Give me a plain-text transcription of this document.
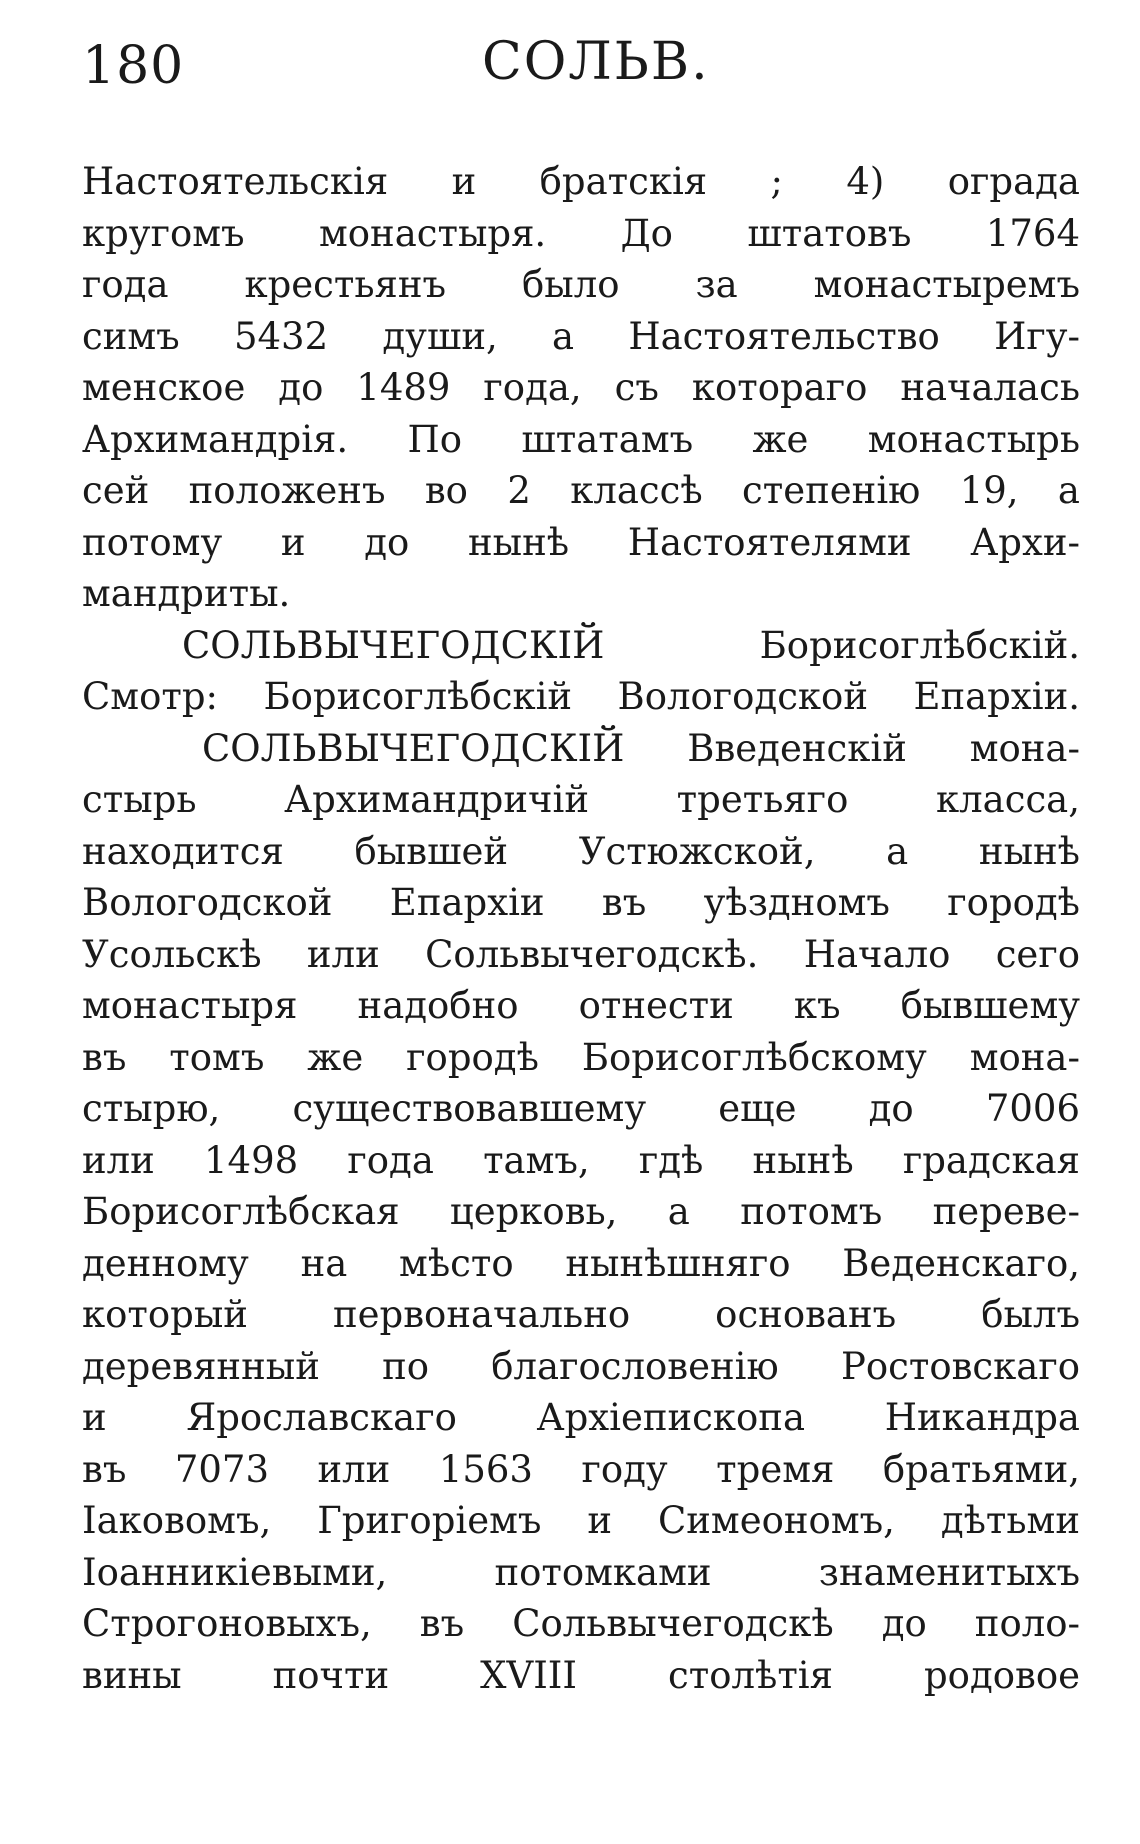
180	СОЛЬВ.
Настоятельскія и братскія ; 4) ограда
кругомъ монастыря. До штатовъ 1764
года крестьянъ было за монастыремъ
симъ 5432 души, а Настоятельство Игу-
менское до 1489 года, съ котораго началась
Архимандрія. По штатамъ же монастырь
сей положенъ во 2 классѣ степенію 19, а
потому и до нынѣ Настоятелями Архи-
мандриты.
СОЛЬВЫЧЕГОДСКІЙ Борисоглѣбскій.
Смотр: Борисоглѣбскій Вологодской Епархіи.
СОЛЬВЫЧЕГОДСКІЙ Введенскій мона-
стырь Архимандричій третьяго класса,
находится бывшей Устюжской, а нынѣ
Вологодской Епархіи въ уѣздномъ городѣ
Усольскѣ или Сольвычегодскѣ. Начало сего
монастыря надобно отнести къ бывшему
въ томъ же городѣ Борисоглѣбскому мона-
стырю, существовавшему еще до 7006
или 1498 года тамъ, гдѣ нынѣ градская
Борисоглѣбская церковь, а потомъ переве-
денному на мѣсто нынѣшняго Веденскаго,
который первоначально основанъ былъ
деревянный по благословенію Ростовскаго
и Ярославскаго Архіепископа Никандра
въ 7073 или 1563 году тремя братьями,
Іаковомъ, Григоріемъ и Симеономъ, дѣтьми
Іоанникіевыми, потомками знаменитыхъ
Строгоновыхъ, въ Сольвычегодскѣ до поло-
вины почти XVIII столѣтія родовое
